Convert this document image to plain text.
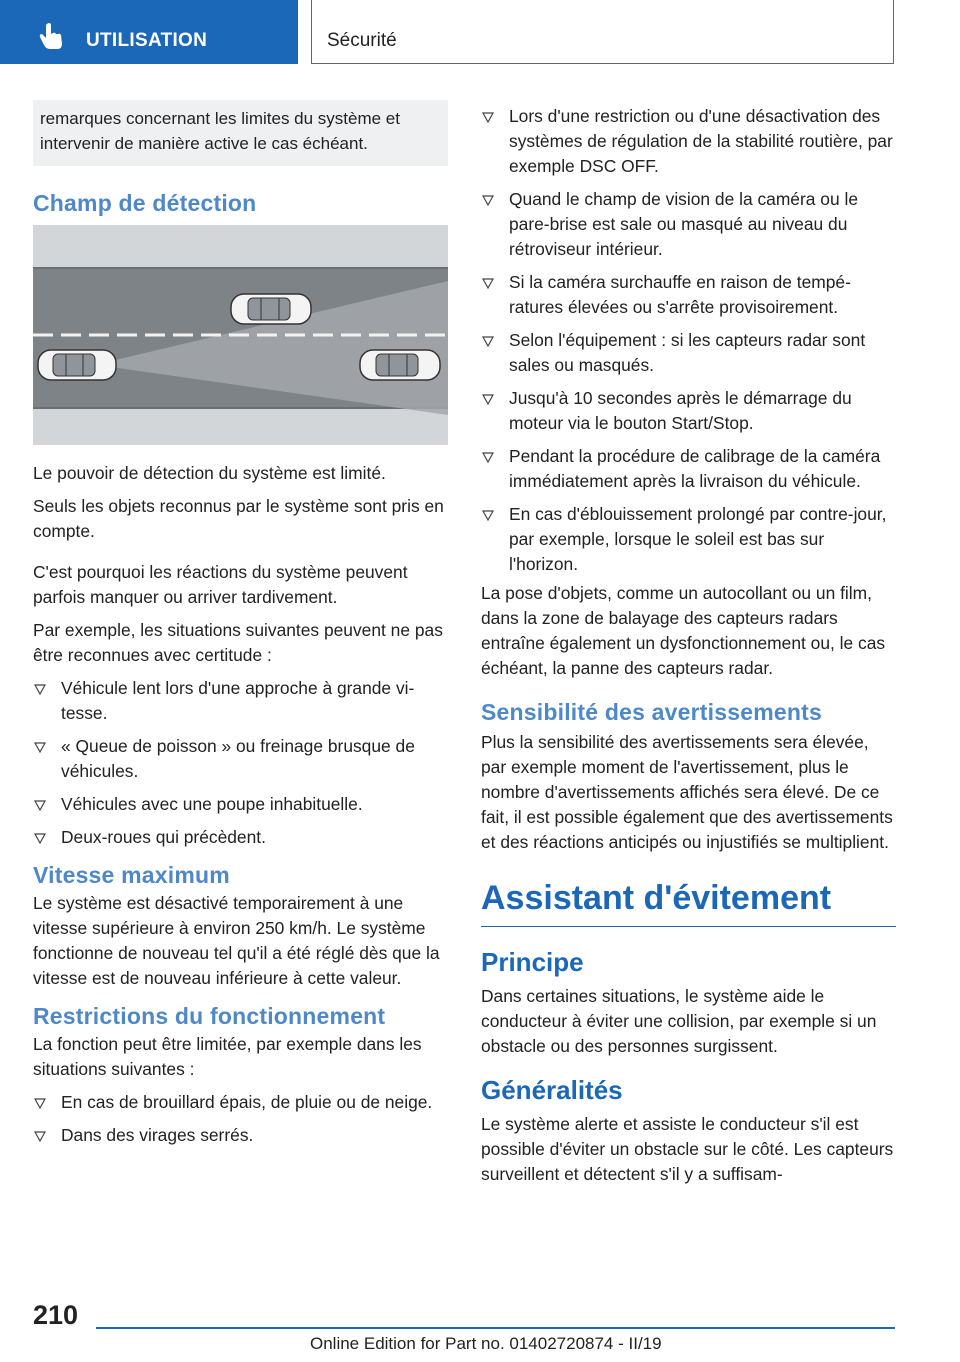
UTILISATION	Sécurité
remarques concernant les limites du système et intervenir de manière active le cas échéant.
Champ de détection

Le pouvoir de détection du système est limité.

Seuls les objets reconnus par le système sont pris en compte.

C'est pourquoi les réactions du système peuvent parfois manquer ou arriver tardivement.

Par exemple, les situations suivantes peuvent ne pas être reconnues avec certitude :

Véhicule lent lors d'une approche à grande vitesse.
« Queue de poisson » ou freinage brusque de véhicules.
Véhicules avec une poupe inhabituelle.
Deux-roues qui précèdent.
Vitesse maximum

Le système est désactivé temporairement à une vitesse supérieure à environ 250 km/h. Le système fonctionne de nouveau tel qu'il a été réglé dès que la vitesse est de nouveau inférieure à cette valeur.

Restrictions du fonctionnement

La fonction peut être limitée, par exemple dans les situations suivantes :

En cas de brouillard épais, de pluie ou de neige.
Dans des virages serrés.
Lors d'une restriction ou d'une désactivation des systèmes de régulation de la stabilité routière, par exemple DSC OFF.
Quand le champ de vision de la caméra ou le pare-brise est sale ou masqué au niveau du rétroviseur intérieur.
Si la caméra surchauffe en raison de températures élevées ou s'arrête provisoirement.
Selon l'équipement : si les capteurs radar sont sales ou masqués.
Jusqu'à 10 secondes après le démarrage du moteur via le bouton Start/Stop.
Pendant la procédure de calibrage de la caméra immédiatement après la livraison du véhicule.
En cas d'éblouissement prolongé par contre-jour, par exemple, lorsque le soleil est bas sur l'horizon.

La pose d'objets, comme un autocollant ou un film, dans la zone de balayage des capteurs radars entraîne également un dysfonctionnement ou, le cas échéant, la panne des capteurs radar.

Sensibilité des avertissements

Plus la sensibilité des avertissements sera élevée, par exemple moment de l'avertissement, plus le nombre d'avertissements affichés sera élevé. De ce fait, il est possible également que des avertissements et des réactions anticipés ou injustifiés se multiplient.

Assistant d'évitement
Principe

Dans certaines situations, le système aide le conducteur à éviter une collision, par exemple si un obstacle ou des personnes surgissent.

Généralités

Le système alerte et assiste le conducteur s'il est possible d'éviter un obstacle sur le côté. Les capteurs surveillent et détectent s'il y a suffisam-

210
Online Edition for Part no. 01402720874 - II/19
